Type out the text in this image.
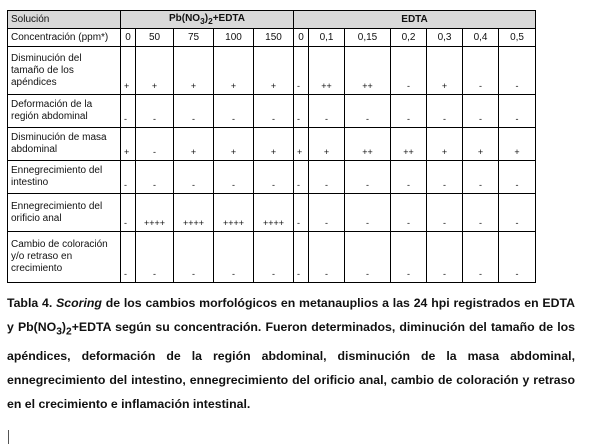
Solución	$Pb(NO_3)_2+EDTA$					EDTA						
Concentración (ppm*)	0	50	75	100	150	0	0,1	0,15	0,2	0,3	0,4	0,5
Disminución del tamaño de los apéndices	+	+	+	+	+	-	++	++	-	+	-	-
Deformación de la región abdominal	-	-	-	-	-	-	-	-	-	-	-	-
Disminución de masa abdominal	+	-	+	+	+	+	+	++	++	+	+	+
Ennegrecimiento del intestino	-	-	-	-	-	-	-	-	-	-	-	-
Ennegrecimiento del orificio anal	-	++++	++++	++++	++++	-	-	-	-	-	-	-
Cambio de coloración y/o retraso en crecimiento	-	-	-	-	-	-	-	-	-	-	-	-

Tabla 4. Scoring de los cambios morfológicos en metanauplios a las 24 hpi registrados en EDTA y $Pb(NO_3)_2+EDTA$ según su concentración. Fueron determinados, diminución del tamaño de los apéndices, deformación de la región abdominal, disminución de la masa abdominal, ennegrecimiento del intestino, ennegrecimiento del orificio anal, cambio de coloración y retraso en el crecimiento e inflamación intestinal.
